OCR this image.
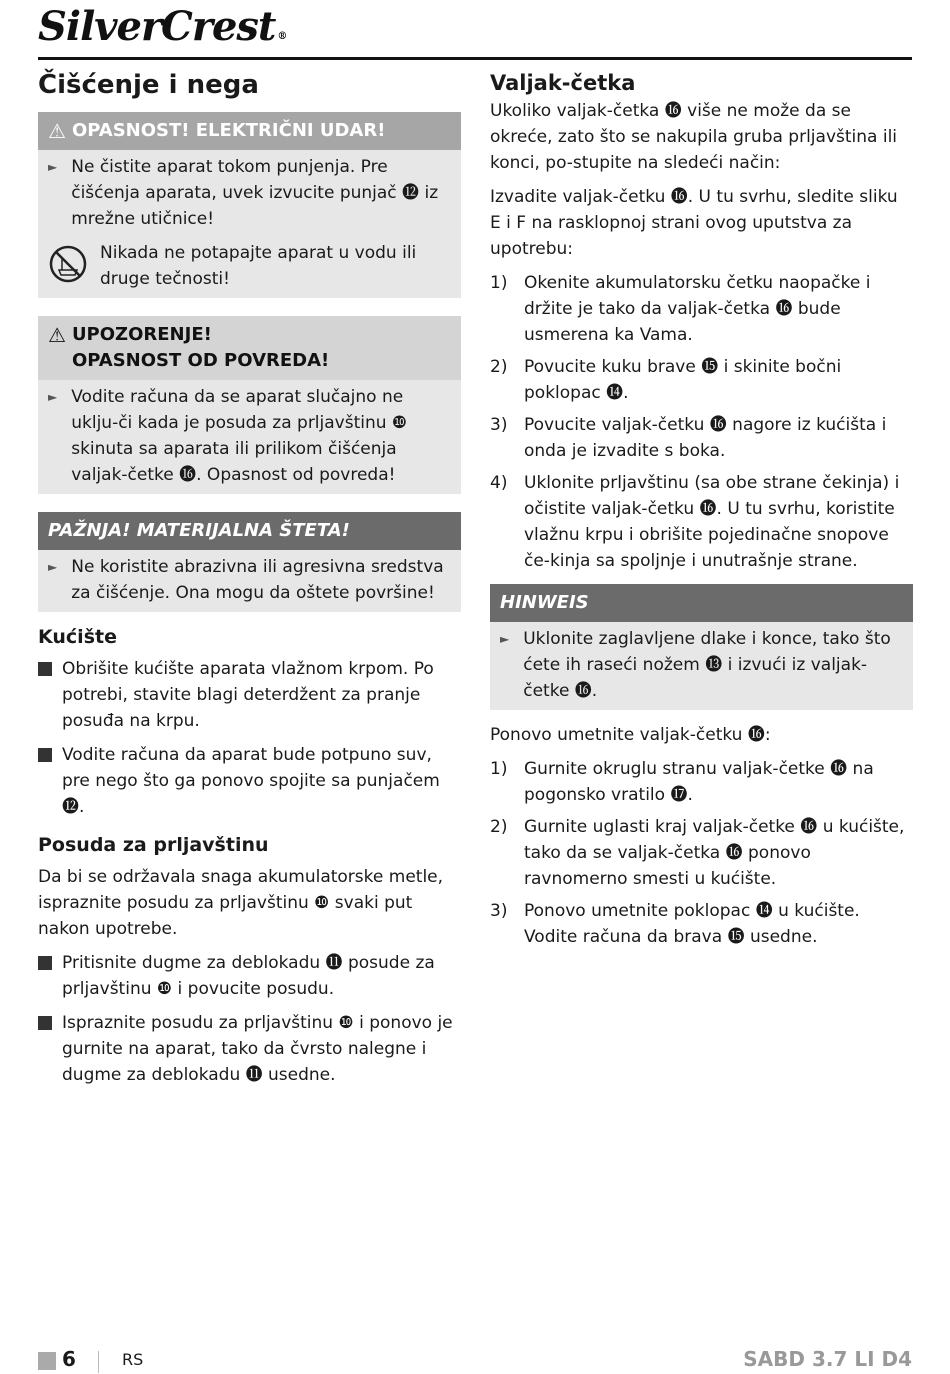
SilverCrest ®
Čišćenje i nega
⚠ OPASNOST! ELEKTRIČNI UDAR!
► Ne čistite aparat tokom punjenja. Pre čišćenja aparata, uvek izvucite punjač ⓬ iz mrežne utičnice!
Nikada ne potapajte aparat u vodu ili druge tečnosti!
⚠ UPOZORENJE!
OPASNOST OD POVREDA!
► Vodite računa da se aparat slučajno ne uklju-či kada je posuda za prljavštinu ❿ skinuta sa aparata ili prilikom čišćenja valjak-četke ⓰. Opasnost od povreda!
PAŽNJA! MATERIJALNA ŠTETA!
► Ne koristite abrazivna ili agresivna sredstva za čišćenje. Ona mogu da oštete površine!
Kućište
Obrišite kućište aparata vlažnom krpom. Po potrebi, stavite blagi deterdžent za pranje posuđa na krpu.
Vodite računa da aparat bude potpuno suv, pre nego što ga ponovo spojite sa punjačem ⓬.
Posuda za prljavštinu

Da bi se održavala snaga akumulatorske metle, ispraznite posudu za prljavštinu ❿ svaki put nakon upotrebe.

Pritisnite dugme za deblokadu ⓫ posude za prljavštinu ❿ i povucite posudu.
Ispraznite posudu za prljavštinu ❿ i ponovo je gurnite na aparat, tako da čvrsto nalegne i dugme za deblokadu ⓫ usedne.
Valjak-četka

Ukoliko valjak-četka ⓰ više ne može da se okreće, zato što se nakupila gruba prljavština ili konci, po-stupite na sledeći način:

Izvadite valjak-četku ⓰. U tu svrhu, sledite sliku E i F na rasklopnoj strani ovog uputstva za upotrebu:

1) Okenite akumulatorsku četku naopačke i držite je tako da valjak-četka ⓰ bude usmerena ka Vama.
2) Povucite kuku brave ⓯ i skinite bočni poklopac ⓮.
3) Povucite valjak-četku ⓰ nagore iz kućišta i onda je izvadite s boka.
4) Uklonite prljavštinu (sa obe strane čekinja) i očistite valjak-četku ⓰. U tu svrhu, koristite vlažnu krpu i obrišite pojedinačne snopove če-kinja sa spoljnje i unutrašnje strane.
HINWEIS
► Uklonite zaglavljene dlake i konce, tako što ćete ih raseći nožem ⓭ i izvući iz valjak-četke ⓰.

Ponovo umetnite valjak-četku ⓰:

1) Gurnite okruglu stranu valjak-četke ⓰ na pogonsko vratilo ⓱.
2) Gurnite uglasti kraj valjak-četke ⓰ u kućište, tako da se valjak-četka ⓰ ponovo ravnomerno smesti u kućište.
3) Ponovo umetnite poklopac ⓮ u kućište. Vodite računa da brava ⓯ usedne.
6	RS	SABD 3.7 LI D4
